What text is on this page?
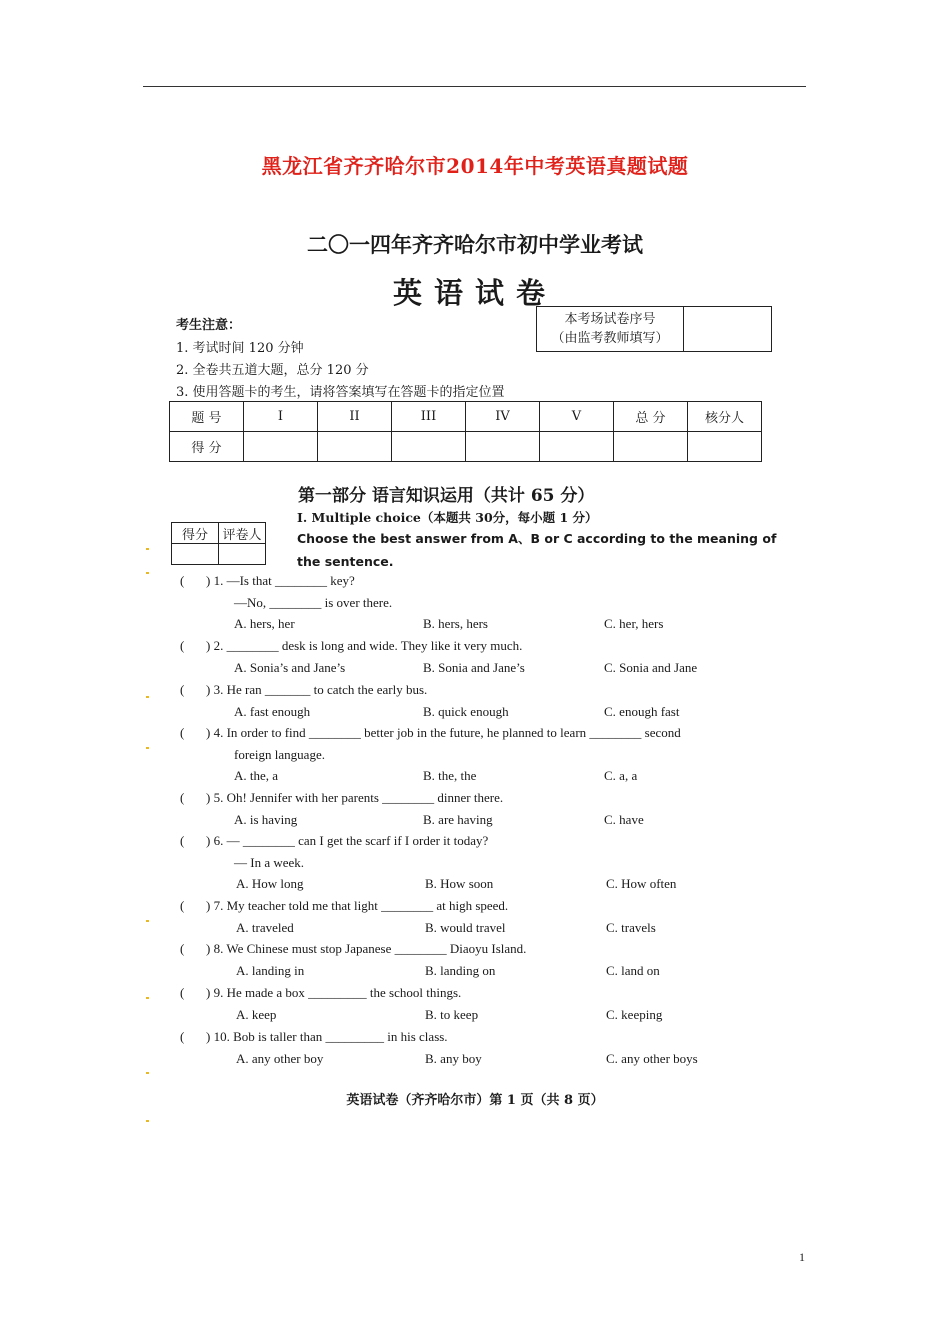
黑龙江省齐齐哈尔市2014年中考英语真题试题
二〇一四年齐齐哈尔市初中学业考试
英语试卷
考生注意：
1. 考试时间 120 分钟
2. 全卷共五道大题，总分 120 分
3. 使用答题卡的考生，请将答案填写在答题卡的指定位置
本考场试卷序号
（由监考教师填写）
题 号	I	II	III	IV	V	总 分	核分人
得 分							
第一部分 语言知识运用（共计 65 分）
得分	评卷人

I. Multiple choice（本题共 30分，每小题 1 分）
Choose the best answer from A、B or C according to the meaning of the sentence.
( ) 1. —Is that ________ key?
—No, ________ is over there.
A. hers, her	B. hers, hers	C. her, hers
( ) 2. ________ desk is long and wide. They like it very much.
A. Sonia’s and Jane’s	B. Sonia and Jane’s	C. Sonia and Jane
( ) 3. He ran _______ to catch the early bus.
A. fast enough	B. quick enough	C. enough fast
( ) 4. In order to find ________ better job in the future, he planned to learn ________ second
foreign language.
A. the, a	B. the, the	C. a, a
( ) 5. Oh! Jennifer with her parents ________ dinner there.
A. is having	B. are having	C. have
( ) 6. — ________ can I get the scarf if I order it today?
— In a week.
A. How long	B. How soon	C. How often
( ) 7. My teacher told me that light ________ at high speed.
A. traveled	B. would travel	C. travels
( ) 8. We Chinese must stop Japanese ________ Diaoyu Island.
A. landing in	B. landing on	C. land on
( ) 9. He made a box _________ the school things.
A. keep	B. to keep	C. keeping
( ) 10. Bob is taller than _________ in his class.
A. any other boy	B. any boy	C. any other boys
英语试卷（齐齐哈尔市）第 1 页（共 8 页）
1
